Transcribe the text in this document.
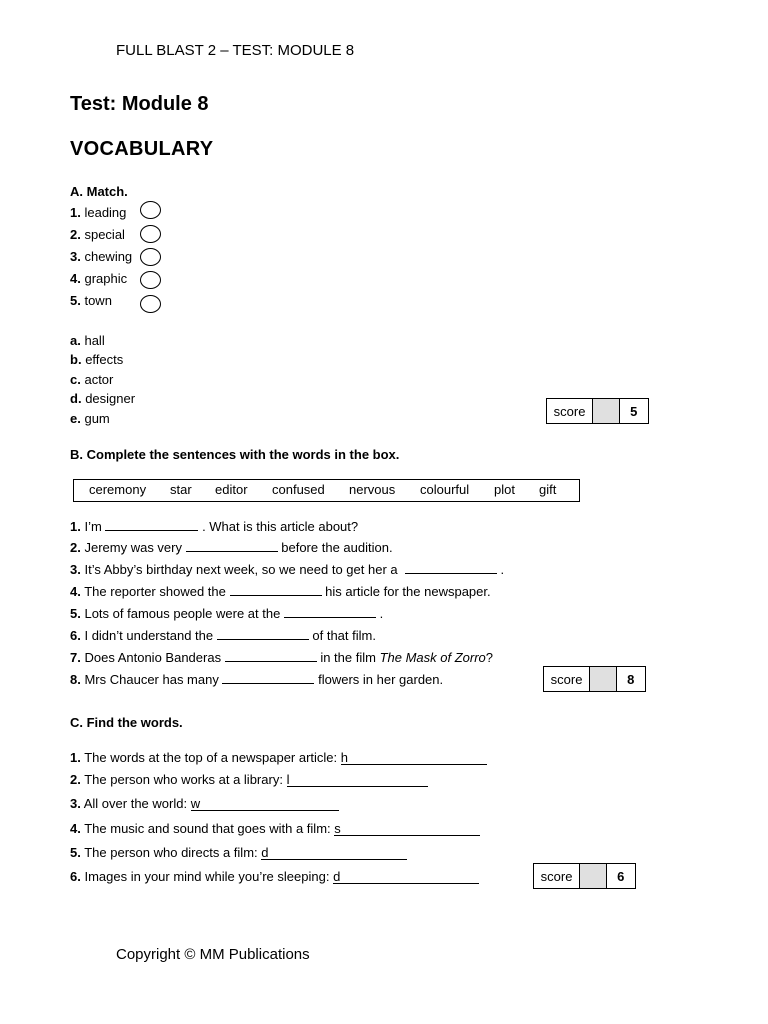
FULL BLAST 2 – TEST: MODULE 8
Test: Module 8
VOCABULARY
A. Match.
1. leading
2. special
3. chewing
4. graphic
5. town
a. hall
b. effects
c. actor
d. designer
e. gum	score	5
B. Complete the sentences with the words in the box.
ceremony star editor confused nervous colourful plot gift
1. I’m	. What is this article about?
2. Jeremy was very	before the audition.
3. It’s Abby’s birthday next week, so we need to get her a	.
4. The reporter showed the	his article for the newspaper.
5. Lots of famous people were at the	.
6. I didn’t understand the	of that film.
7. Does Antonio Banderas	in the film The Mask of Zorro?
8. Mrs Chaucer has many	flowers in her garden.	score	8
C. Find the words.
1. The words at the top of a newspaper article: h
2. The person who works at a library: l
3. All over the world: w
4. The music and sound that goes with a film: s
5. The person who directs a film: d
6. Images in your mind while you’re sleeping: d	score	6
Copyright © MM Publications
